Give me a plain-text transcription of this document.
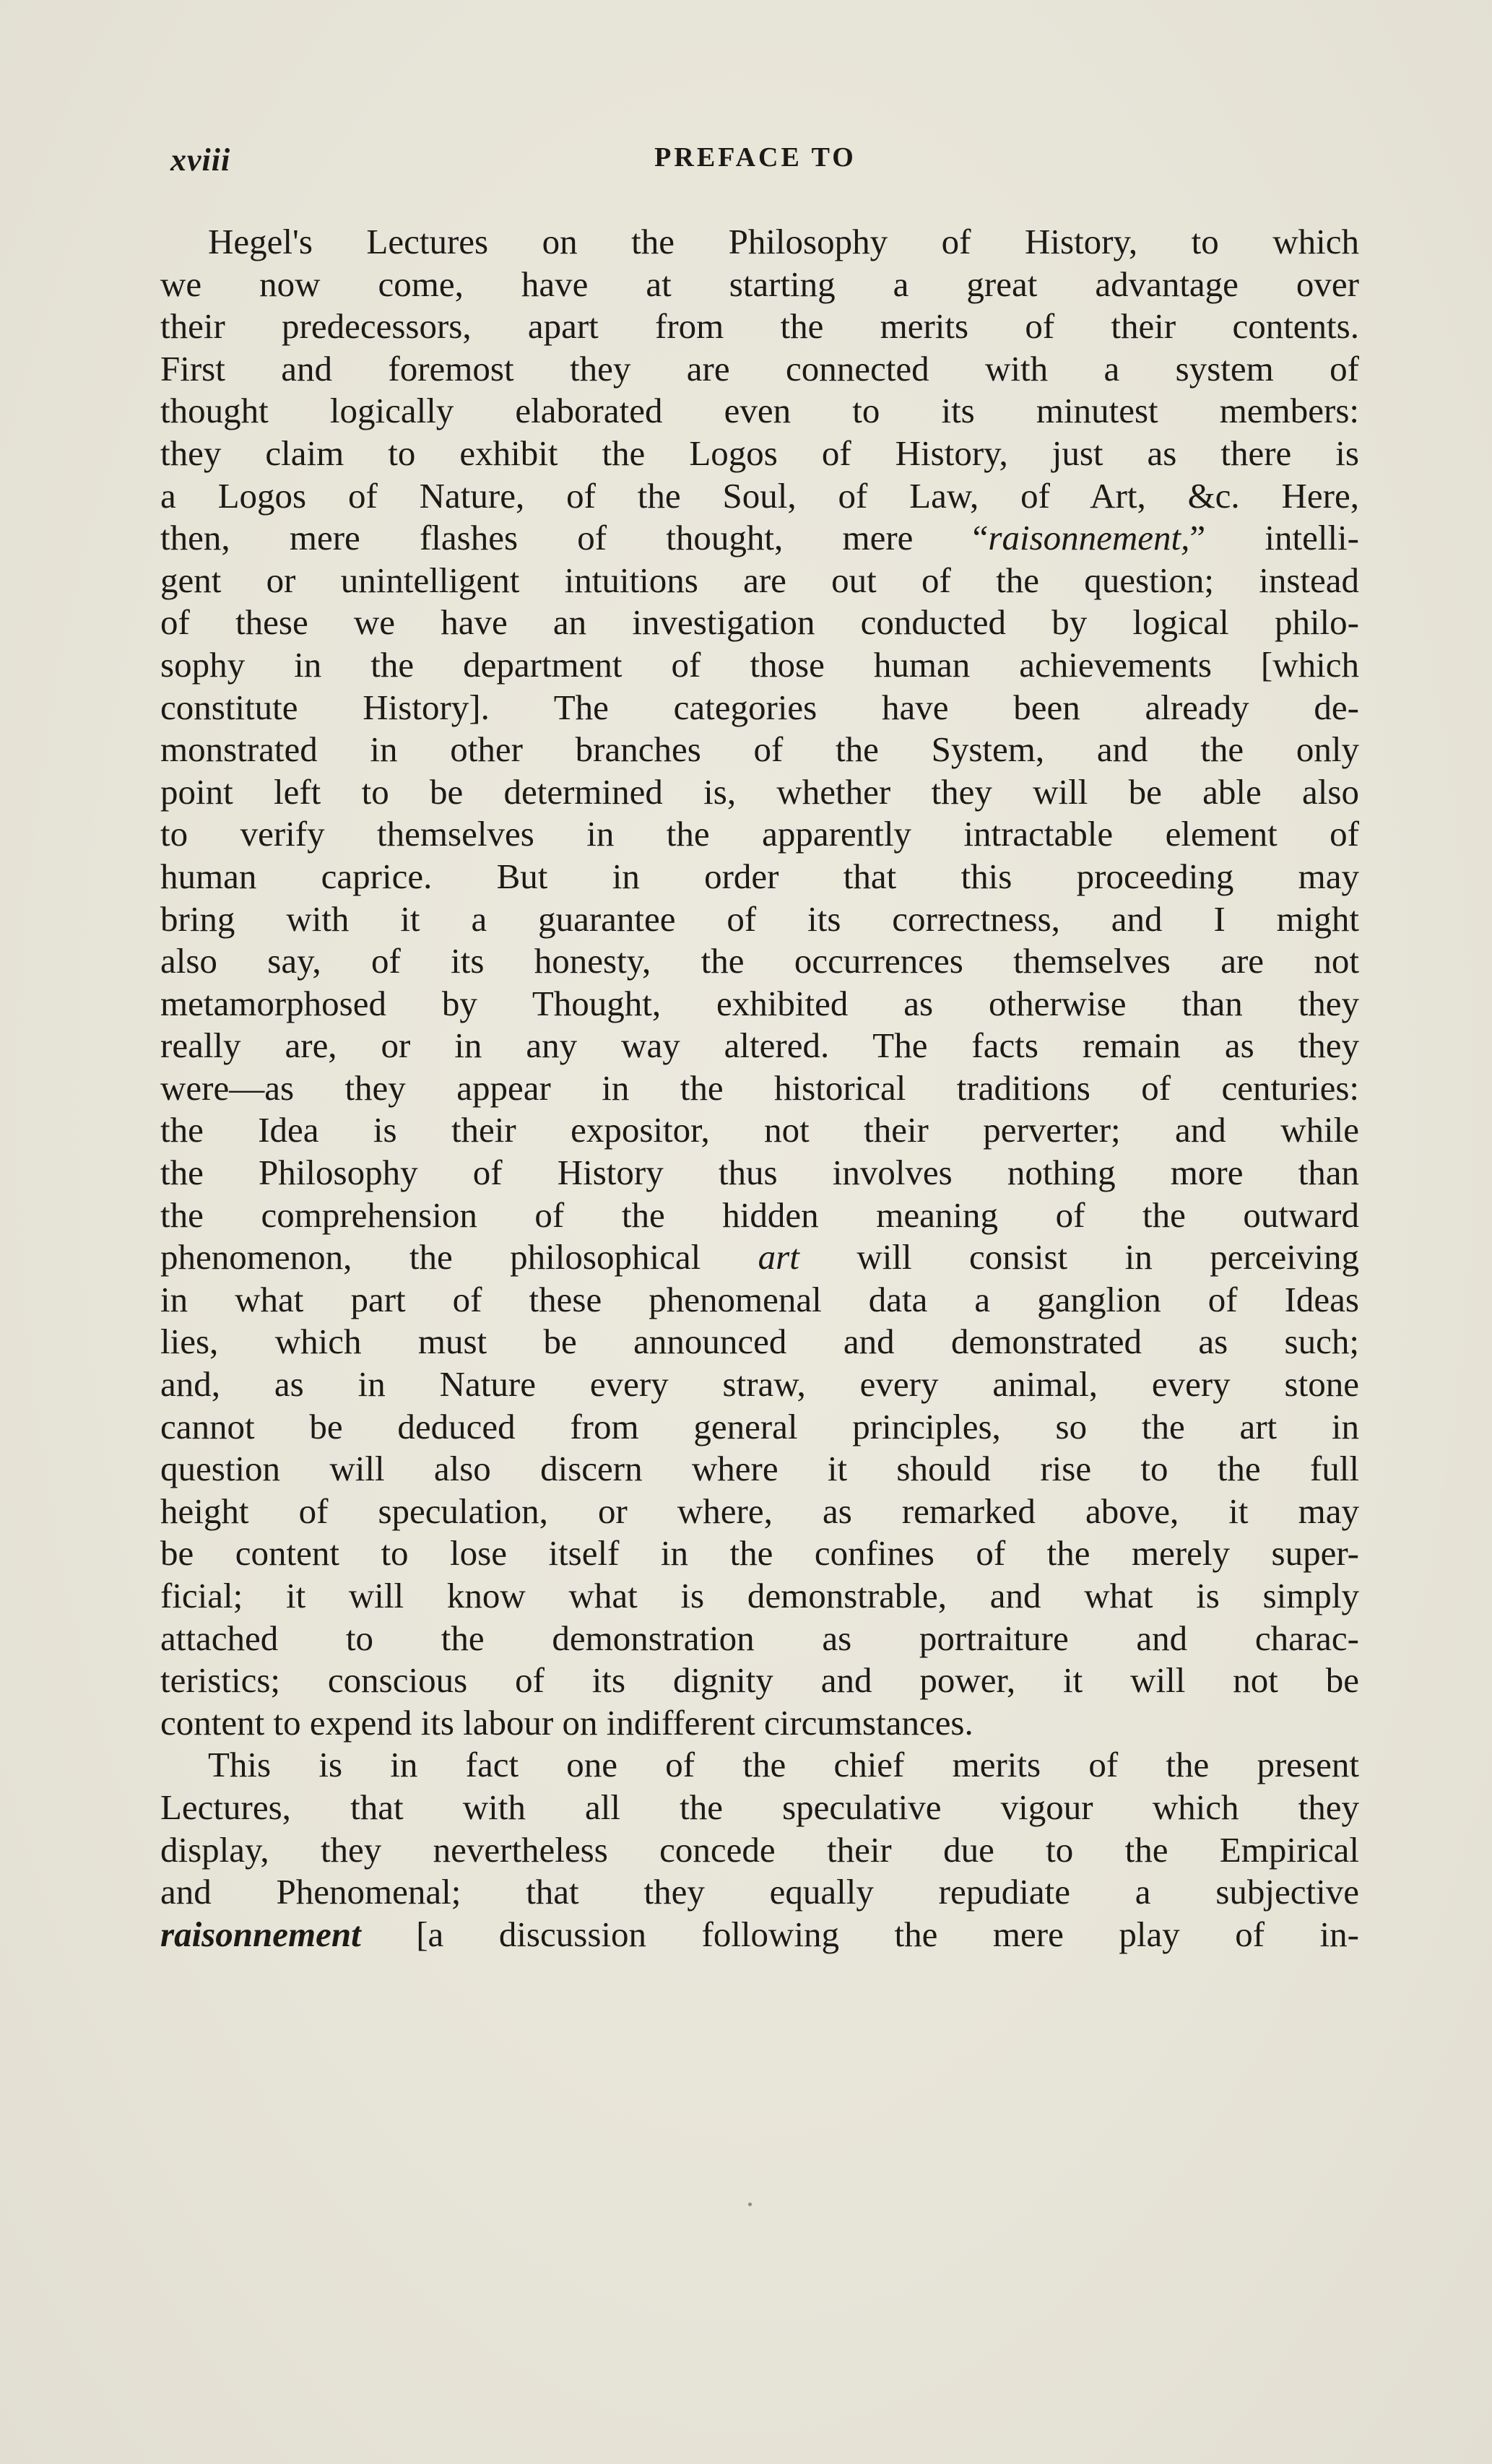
xviii	PREFACE TO
Hegel's Lectures on the Philosophy of History, to which
we now come, have at starting a great advantage over
their predecessors, apart from the merits of their contents.
First and foremost they are connected with a system of
thought logically elaborated even to its minutest members:
they claim to exhibit the Logos of History, just as there is
a Logos of Nature, of the Soul, of Law, of Art, &c. Here,
then, mere flashes of thought, mere “raisonnement,” intelli-
gent or unintelligent intuitions are out of the question; instead
of these we have an investigation conducted by logical philo-
sophy in the department of those human achievements [which
constitute History]. The categories have been already de-
monstrated in other branches of the System, and the only
point left to be determined is, whether they will be able also
to verify themselves in the apparently intractable element of
human caprice. But in order that this proceeding may
bring with it a guarantee of its correctness, and I might
also say, of its honesty, the occurrences themselves are not
metamorphosed by Thought, exhibited as otherwise than they
really are, or in any way altered. The facts remain as they
were—as they appear in the historical traditions of centuries:
the Idea is their expositor, not their perverter; and while
the Philosophy of History thus involves nothing more than
the comprehension of the hidden meaning of the outward
phenomenon, the philosophical art will consist in perceiving
in what part of these phenomenal data a ganglion of Ideas
lies, which must be announced and demonstrated as such;
and, as in Nature every straw, every animal, every stone
cannot be deduced from general principles, so the art in
question will also discern where it should rise to the full
height of speculation, or where, as remarked above, it may
be content to lose itself in the confines of the merely super-
ficial; it will know what is demonstrable, and what is simply
attached to the demonstration as portraiture and charac-
teristics; conscious of its dignity and power, it will not be
content to expend its labour on indifferent circumstances.
This is in fact one of the chief merits of the present
Lectures, that with all the speculative vigour which they
display, they nevertheless concede their due to the Empirical
and Phenomenal; that they equally repudiate a subjective
raisonnement [a discussion following the mere play of in-
